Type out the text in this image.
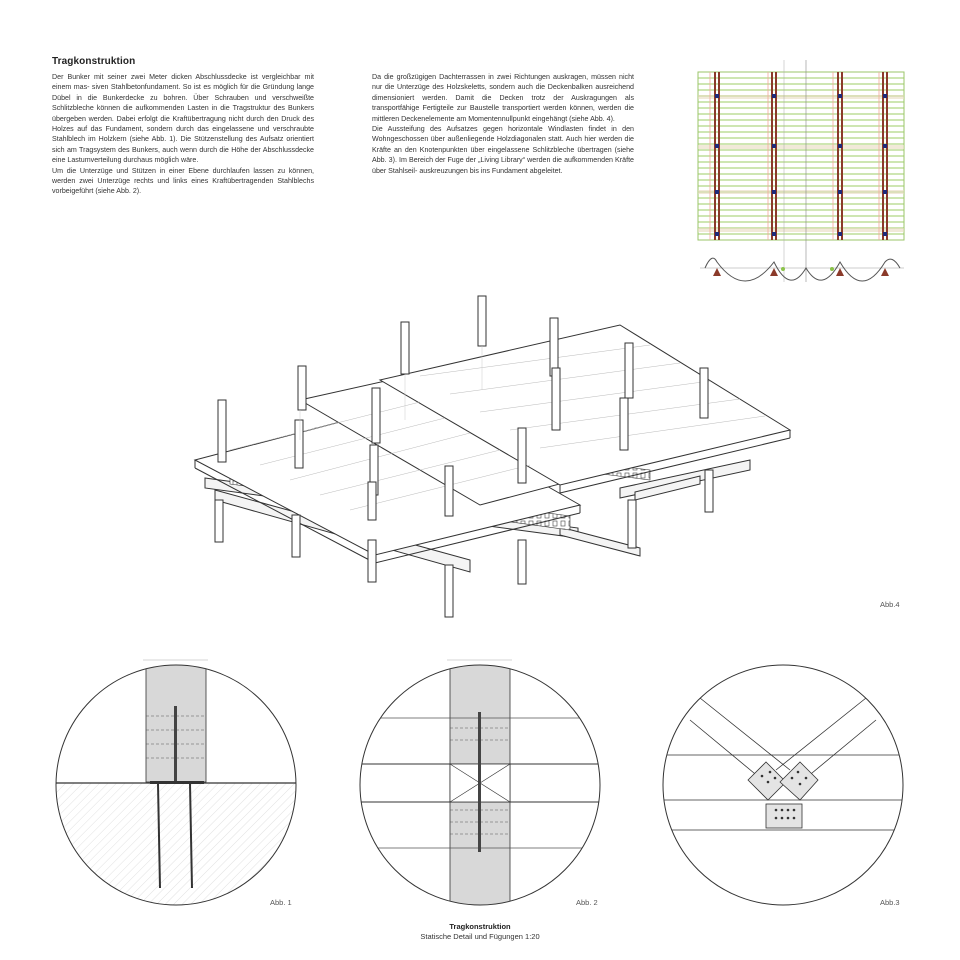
Tragkonstruktion

Der Bunker mit seiner zwei Meter dicken Abschlussdecke ist vergleichbar mit einem mas- siven Stahlbetonfundament. So ist es möglich für die Gründung lange Dübel in die Bunkerdecke zu bohren. Über Schrauben und verschweißte Schlitzbleche können die aufkommenden Lasten in die Tragstruktur des Bunkers übergeben werden. Dabei erfolgt die Kraftübertragung nicht durch den Druck des Holzes auf das Fundament, sondern durch das eingelassene und verschraubte Stahlblech im Holzkern (siehe Abb. 1). Die Stützenstellung des Aufsatz orientiert sich am Tragsystem des Bunkers, auch wenn durch die Höhe der Abschlussdecke eine Lastumverteilung durchaus möglich wäre.

Um die Unterzüge und Stützen in einer Ebene durchlaufen lassen zu können, werden zwei Unterzüge rechts und links eines Kraftübertragenden Stahlblechs vorbeigeführt (siehe Abb. 2).

Da die großzügigen Dachterrassen in zwei Richtungen auskragen, müssen nicht nur die Unterzüge des Holzskeletts, sondern auch die Deckenbalken ausreichend dimensioniert werden. Damit die Decken trotz der Auskragungen als transportfähige Fertigteile zur Baustelle transportiert werden können, werden die mittleren Deckenelemente am Momentennullpunkt eingehängt (siehe Abb. 4).

Die Aussteifung des Aufsatzes gegen horizontale Windlasten findet in den Wohngeschossen über außenliegende Holzdiagonalen statt. Auch hier werden die Kräfte an den Knotenpunkten über eingelassene Schlitzbleche übertragen (siehe Abb. 3). Im Bereich der Fuge der „Living Library“ werden die aufkommenden Kräfte über Stahlseil- auskreuzungen bis ins Fundament abgeleitet.

Abb.4
Abb. 1	Abb. 2	Abb.3
Tragkonstruktion
Statische Detail und Fügungen 1:20
